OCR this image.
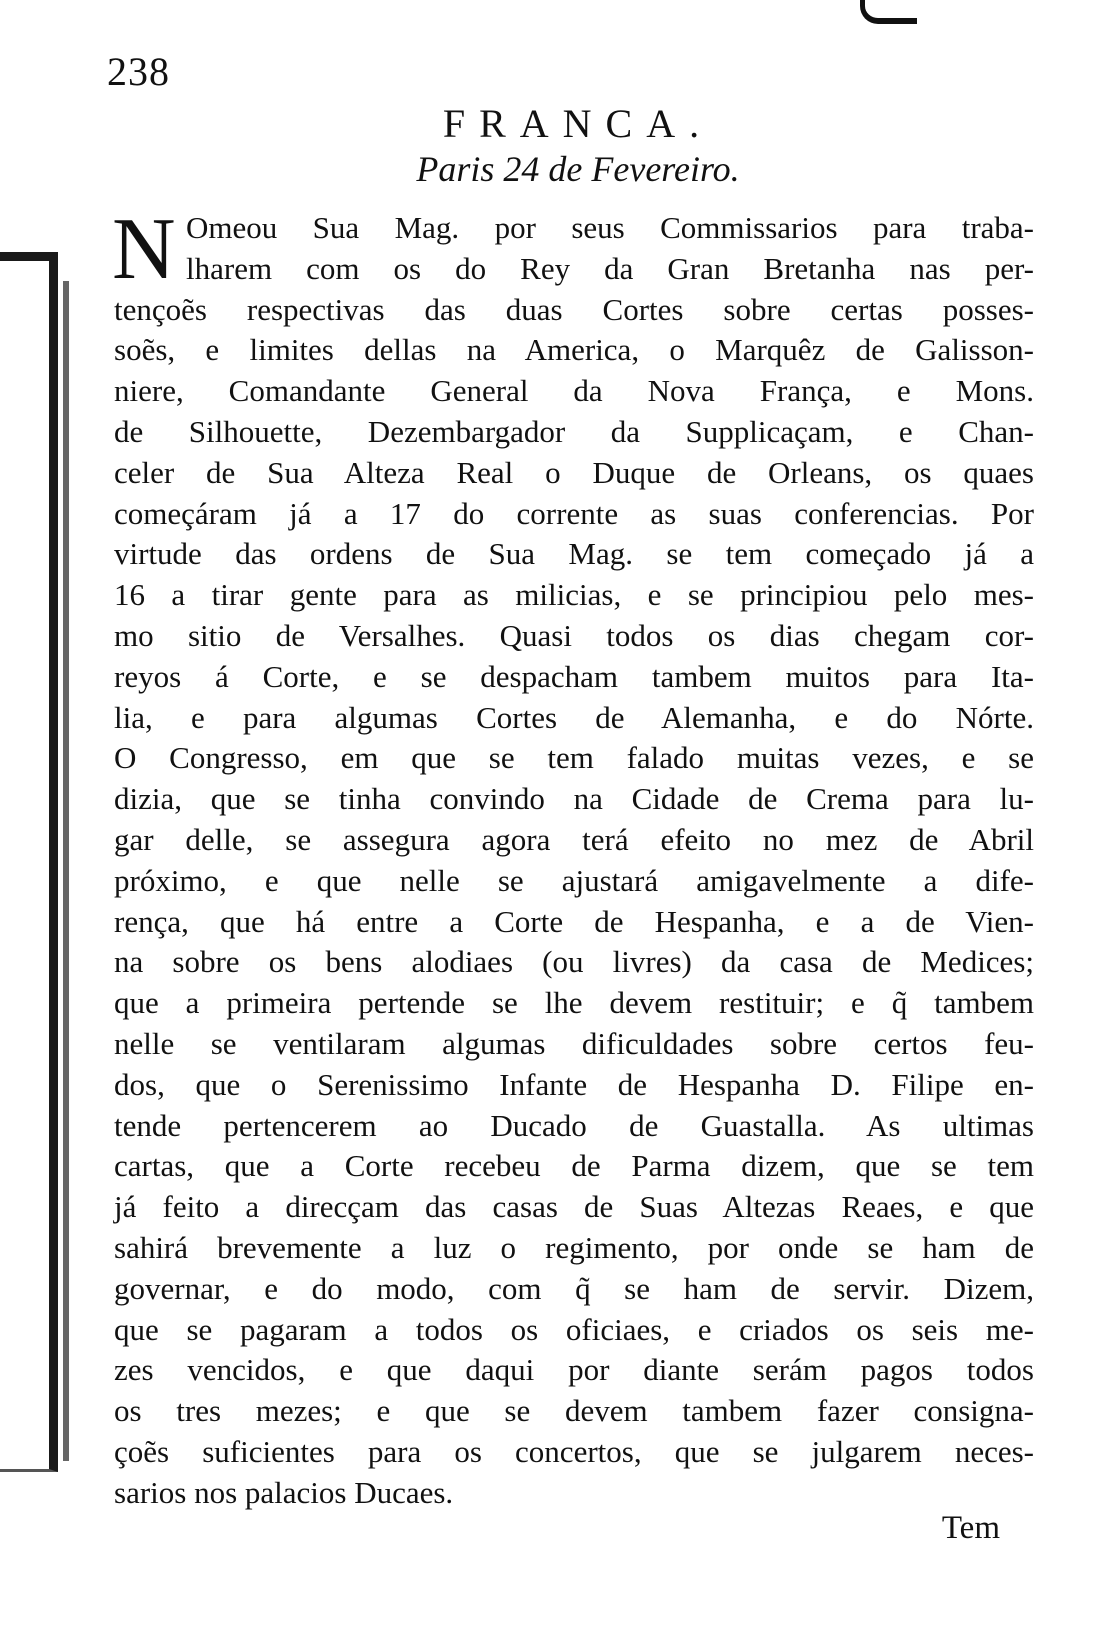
238
FRANCA.
Paris 24 de Fevereiro.
N Omeou Sua Mag. por seus Commissarios para traba-
lharem com os do Rey da Gran Bretanha nas per-
tençoẽs respectivas das duas Cortes sobre certas posses-
soẽs, e limites dellas na America, o Marquêz de Galisson-
niere, Comandante General da Nova França, e Mons.
de Silhouette, Dezembargador da Supplicaçam, e Chan-
celer de Sua Alteza Real o Duque de Orleans, os quaes
começáram já a 17 do corrente as suas conferencias. Por
virtude das ordens de Sua Mag. se tem começado já a
16 a tirar gente para as milicias, e se principiou pelo mes-
mo sitio de Versalhes. Quasi todos os dias chegam cor-
reyos á Corte, e se despacham tambem muitos para Ita-
lia, e para algumas Cortes de Alemanha, e do Nórte.
O Congresso, em que se tem falado muitas vezes, e se
dizia, que se tinha convindo na Cidade de Crema para lu-
gar delle, se assegura agora terá efeito no mez de Abril
próximo, e que nelle se ajustará amigavelmente a dife-
rença, que há entre a Corte de Hespanha, e a de Vien-
na sobre os bens alodiaes (ou livres) da casa de Medices;
que a primeira pertende se lhe devem restituir; e q̃ tambem
nelle se ventilaram algumas dificuldades sobre certos feu-
dos, que o Serenissimo Infante de Hespanha D. Filipe en-
tende pertencerem ao Ducado de Guastalla. As ultimas
cartas, que a Corte recebeu de Parma dizem, que se tem
já feito a direcçam das casas de Suas Altezas Reaes, e que
sahirá brevemente a luz o regimento, por onde se ham de
governar, e do modo, com q̃ se ham de servir. Dizem,
que se pagaram a todos os oficiaes, e criados os seis me-
zes vencidos, e que daqui por diante serám pagos todos
os tres mezes; e que se devem tambem fazer consigna-
çoẽs suficientes para os concertos, que se julgarem neces-
sarios nos palacios Ducaes.
Tem
